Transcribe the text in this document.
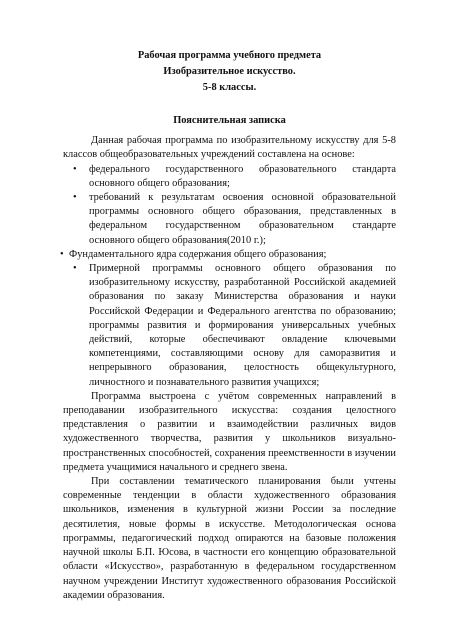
Рабочая программа учебного предмета

Изобразительное искусство.

5-8 классы.

Пояснительная записка

Данная рабочая программа по изобразительному искусству для 5-8 классов общеобразовательных учреждений составлена на основе:

• федерального государственного образовательного стандарта основного общего образования;
• требований к результатам освоения основной образовательной программы основного общего образования, представленных в федеральном государственном образовательном стандарте основного общего образования(2010 г.);
• Фундаментального ядра содержания общего образования;
• Примерной программы основного общего образования по изобразительному искусству, разработанной Российской академией образования по заказу Министерства образования и науки Российской Федерации и Федерального агентства по образованию; программы развития и формирования универсальных учебных действий, которые обеспечивают овладение ключевыми компетенциями, составляющими основу для саморазвития и непрерывного образования, целостность общекультурного, личностного и познавательного развития учащихся;

Программа выстроена с учётом современных направлений в преподавании изобразительного искусства: создания целостного представления о развитии и взаимодействии различных видов художественного творчества, развития у школьников визуально-пространственных способностей, сохранения преемственности в изучении предмета учащимися начального и среднего звена.

При составлении тематического планирования были учтены современные тенденции в области художественного образования школьников, изменения в культурной жизни России за последние десятилетия, новые формы в искусстве. Методологическая основа программы, педагогический подход опираются на базовые положения научной школы Б.П. Юсова, в частности его концепцию образовательной области «Искусство», разработанную в федеральном государственном научном учреждении Институт художественного образования Российской академии образования.
